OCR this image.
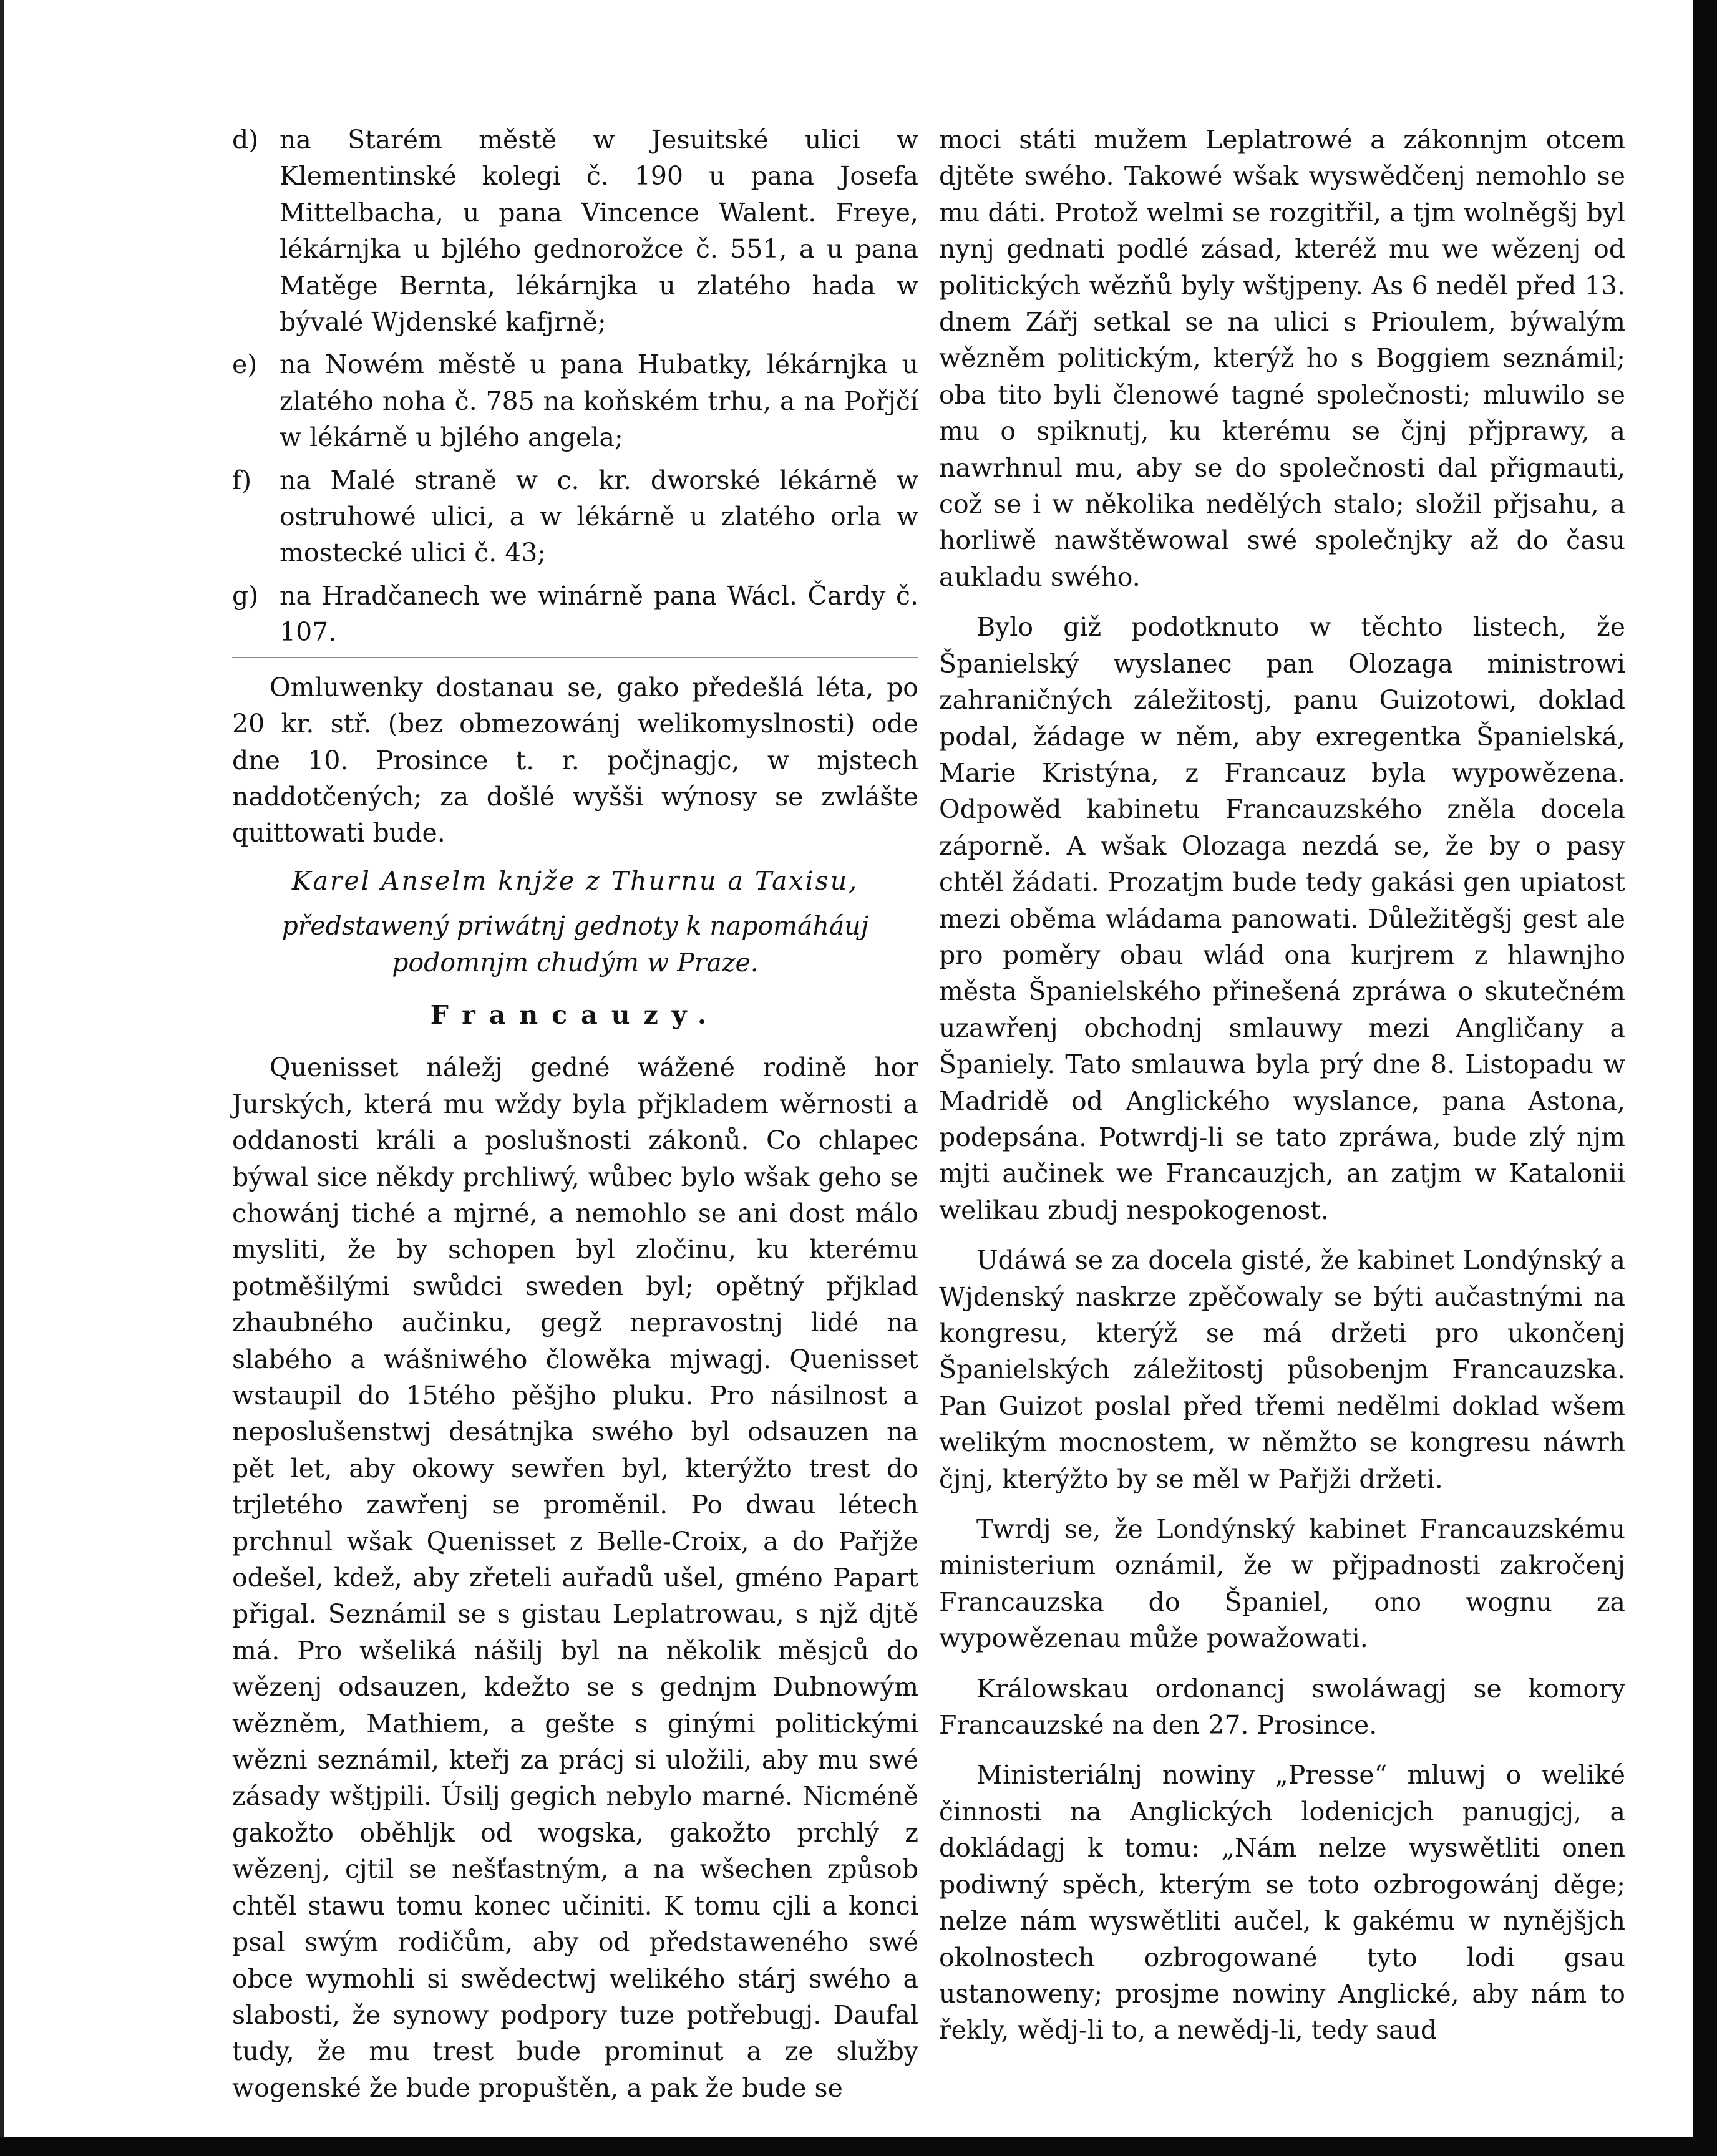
d) na Starém městě w Jesuitské ulici w Klementinské kolegi č. 190 u pana Josefa Mittelbacha, u pana Vincence Walent. Freye, lékárnjka u bjlého gednorožce č. 551, a u pana Matěge Bernta, lékárnjka u zlatého hada w bývalé Wjdenské kafjrně;
e) na Nowém městě u pana Hubatky, lékárnjka u zlatého noha č. 785 na koňském trhu, a na Pořjčí w lékárně u bjlého angela;
f)	na Malé straně w c. kr. dworské lékárně w ostruhowé ulici, a w lékárně u zlatého orla w mostecké ulici č. 43;
g) na Hradčanech we winárně pana Wácl. Čardy č. 107.

Omluwenky dostanau se, gako předešlá léta, po 20 kr. stř. (bez obmezowánj welikomyslnosti) ode dne 10. Prosince t. r. počjnagjc, w mjstech naddotčených; za došlé wyšši wýnosy se zwlášte quittowati bude.

Karel Anselm knjže z Thurnu a Taxisu,

předstawený priwátnj gednoty k napomáháuj podomnjm chudým w Praze.

Francauzy.

Quenisset náležj gedné wážené rodině hor Jurských, která mu wždy byla přjkladem wěrnosti a oddanosti králi a poslušnosti zákonů. Co chlapec býwal sice někdy prchliwý, wůbec bylo wšak geho se chowánj tiché a mjrné, a nemohlo se ani dost málo mysliti, že by schopen byl zločinu, ku kterému potměšilými swůdci sweden byl; opětný přjklad zhaubného aučinku, gegž nepravostnj lidé na slabého a wášniwého člowěka mjwagj. Quenisset wstaupil do 15tého pěšjho pluku. Pro násilnost a neposlušenstwj desátnjka swého byl odsauzen na pět let, aby okowy sewřen byl, kterýžto trest do trjletého zawřenj se proměnil. Po dwau létech prchnul wšak Quenisset z Belle-Croix, a do Pařjže odešel, kdež, aby zřeteli auřadů ušel, gméno Papart přigal. Seznámil se s gistau Leplatrowau, s njž djtě má. Pro wšeliká nášilj byl na několik měsjců do wězenj odsauzen, kdežto se s gednjm Dubnowým wězněm, Mathiem, a gešte s ginými politickými wězni seznámil, kteřj za prácj si uložili, aby mu swé zásady wštjpili. Úsilj gegich nebylo marné. Nicméně gakožto oběhljk od wogska, gakožto prchlý z wězenj, cjtil se nešťastným, a na wšechen způsob chtěl stawu tomu konec učiniti. K tomu cjli a konci psal swým rodičům, aby od předstaweného swé obce wymohli si swědectwj welikého stárj swého a slabosti, že synowy podpory tuze potřebugj. Daufal tudy, že mu trest bude prominut a ze služby wogenské že bude propuštěn, a pak že bude se

moci státi mužem Leplatrowé a zákonnjm otcem djtěte swého. Takowé wšak wyswědčenj nemohlo se mu dáti. Protož welmi se rozgitřil, a tjm wolněgšj byl nynj gednati podlé zásad, kteréž mu we wězenj od politických wězňů byly wštjpeny. As 6 neděl před 13. dnem Zářj setkal se na ulici s Prioulem, býwalým wězněm politickým, kterýž ho s Boggiem seznámil; oba tito byli členowé tagné společnosti; mluwilo se mu o spiknutj, ku kterému se čjnj přjprawy, a nawrhnul mu, aby se do společnosti dal přigmauti, což se i w několika nedělých stalo; složil přjsahu, a horliwě nawštěwowal swé společnjky až do času aukladu swého.

Bylo giž podotknuto w těchto listech, že Španielský wyslanec pan Olozaga ministrowi zahraničných záležitostj, panu Guizotowi, doklad podal, žádage w něm, aby exregentka Španielská, Marie Kristýna, z Francauz byla wypowězena. Odpowěd kabinetu Francauzského zněla docela záporně. A wšak Olozaga nezdá se, že by o pasy chtěl žádati. Prozatjm bude tedy gakási gen upiatost mezi oběma wládama panowati. Důležitěgšj gest ale pro poměry obau wlád ona kurjrem z hlawnjho města Španielského přinešená zpráwa o skutečném uzawřenj obchodnj smlauwy mezi Angličany a Španiely. Tato smlauwa byla prý dne 8. Listopadu w Madridě od Anglického wyslance, pana Astona, podepsána. Potwrdj-li se tato zpráwa, bude zlý njm mjti aučinek we Francauzjch, an zatjm w Katalonii welikau zbudj nespokogenost.

Udáwá se za docela gisté, že kabinet Londýnský a Wjdenský naskrze zpěčowaly se býti aučastnými na kongresu, kterýž se má držeti pro ukončenj Španielských záležitostj působenjm Francauzska. Pan Guizot poslal před třemi nedělmi doklad wšem welikým mocnostem, w němžto se kongresu náwrh čjnj, kterýžto by se měl w Pařjži držeti.

Twrdj se, že Londýnský kabinet Francauzskému ministerium oznámil, že w přjpadnosti zakročenj Francauzska do Španiel, ono wognu za wypowězenau může powažowati.

Králowskau ordonancj swoláwagj se komory Francauzské na den 27. Prosince.

Ministeriálnj nowiny „Presse“ mluwj o weliké činnosti na Anglických lodenicjch panugjcj, a dokládagj k tomu: „Nám nelze wyswětliti onen podiwný spěch, kterým se toto ozbrogowánj děge; nelze nám wyswětliti aučel, k gakému w nynějšjch okolnostech ozbrogowané tyto lodi gsau ustanoweny; prosjme nowiny Anglické, aby nám to řekly, wědj-li to, a newědj-li, tedy saud
